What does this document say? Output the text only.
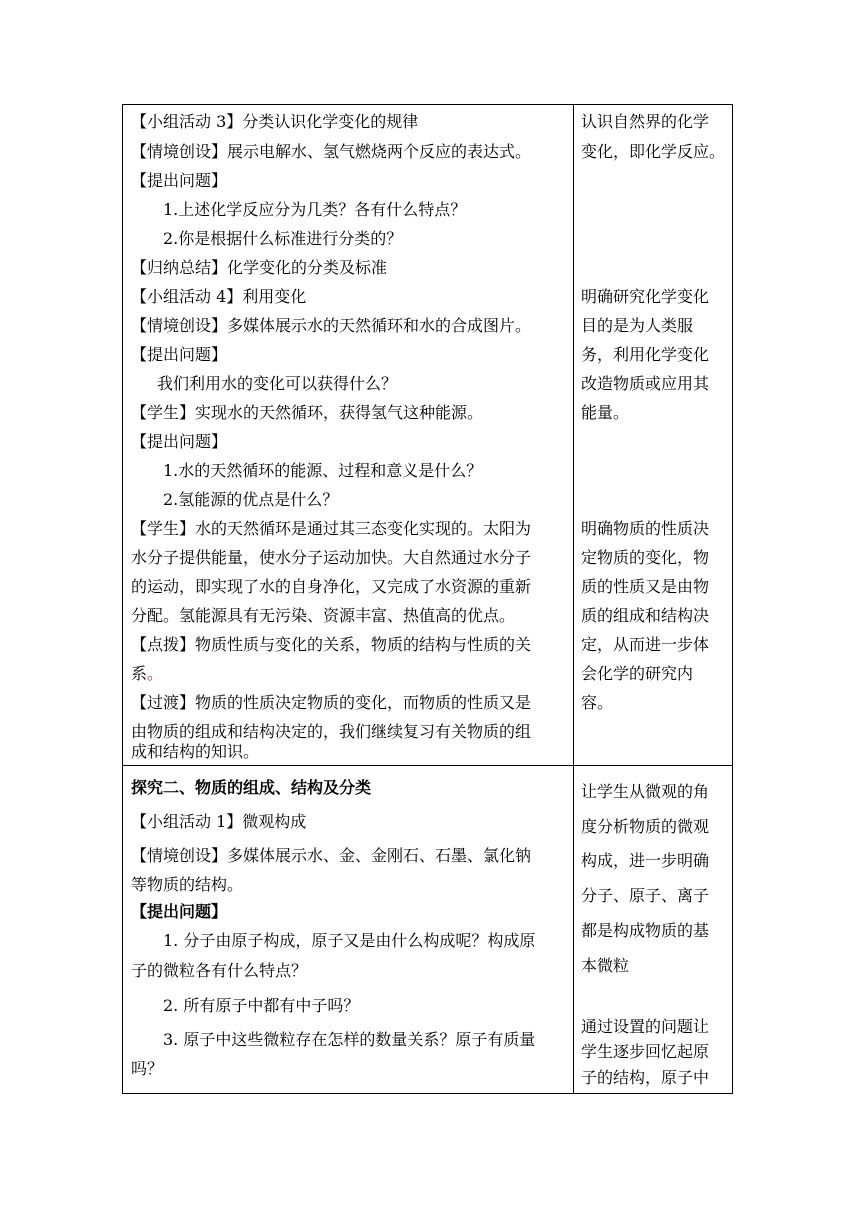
【小组活动 3】分类认识化学变化的规律
【情境创设】展示电解水、氢气燃烧两个反应的表达式。
【提出问题】
1.上述化学反应分为几类？各有什么特点？
2.你是根据什么标准进行分类的？
【归纳总结】化学变化的分类及标准
【小组活动 4】利用变化
【情境创设】多媒体展示水的天然循环和水的合成图片。
【提出问题】
我们利用水的变化可以获得什么？
【学生】实现水的天然循环，获得氢气这种能源。
【提出问题】
1.水的天然循环的能源、过程和意义是什么？
2.氢能源的优点是什么？
【学生】水的天然循环是通过其三态变化实现的。太阳为
水分子提供能量，使水分子运动加快。大自然通过水分子
的运动，即实现了水的自身净化，又完成了水资源的重新
分配。氢能源具有无污染、资源丰富、热值高的优点。
【点拨】物质性质与变化的关系，物质的结构与性质的关
系。
【过渡】物质的性质决定物质的变化，而物质的性质又是
由物质的组成和结构决定的，我们继续复习有关物质的组
成和结构的知识。
认识自然界的化学
变化，即化学反应。
明确研究化学变化
目的是为人类服
务，利用化学变化
改造物质或应用其
能量。
明确物质的性质决
定物质的变化，物
质的性质又是由物
质的组成和结构决
定，从而进一步体
会化学的研究内
容。
探究二、物质的组成、结构及分类
【小组活动 1】微观构成
【情境创设】多媒体展示水、金、金刚石、石墨、氯化钠
等物质的结构。
【提出问题】
1. 分子由原子构成，原子又是由什么构成呢？构成原
子的微粒各有什么特点？
2. 所有原子中都有中子吗？
3. 原子中这些微粒存在怎样的数量关系？原子有质量
吗？
让学生从微观的角
度分析物质的微观
构成，进一步明确
分子、原子、离子
都是构成物质的基
本微粒
通过设置的问题让
学生逐步回忆起原
子的结构，原子中
